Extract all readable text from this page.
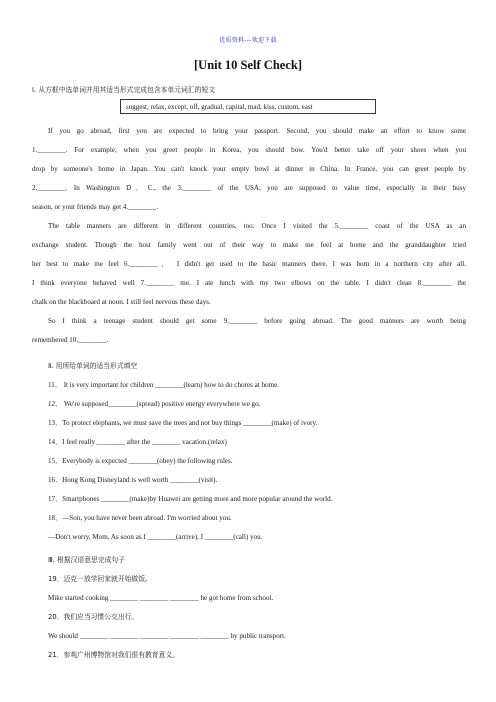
优质资料---欢迎下载
[Unit 10 Self Check]
Ⅰ. 从方框中选单词并用其适当形式完成包含本单元词汇的短文
suggest, relax, except, off, gradual, capital, mad, kiss, custom, east
If you go abroad, first you are expected to bring your passport. Second, you should make an effort to know some
1.________. For example, when you greet people in Korea, you should bow. You'd better take off your shoes when you
drop by someone's home in Japan. You can't knock your empty bowl at dinner in China. In France, you can greet people by
2.________. In Washington D．C., the 3.________ of the USA, you are supposed to value time, especially in their busy
season, or your friends may get 4.________.
The table manners are different in different countries, too. Once I visited the 5.________ coast of the USA as an
exchange student. Though the host family went out of their way to make me feel at home and the granddaughter tried
her best to make me feel 6.________， I didn't get used to the basic manners there. I was born in a northern city after all.
I think everyone behaved well 7.________ me. I ate lunch with my two elbows on the table. I didn't clean 8.________ the
chalk on the blackboard at noon. I still feel nervous these days.
So I think a teenage student should get some 9.________ before going abroad. The good manners are worth being
remembered 10.________.
Ⅱ. 用所给单词的适当形式填空
11． It is very important for children ________(learn) how to do chores at home.
12． We're supposed________(spread) positive energy everywhere we go.
13．To protect elephants, we must save the trees and not buy things ________(make) of ivory.
14．I feel really ________ after the ________ vacation.(relax)
15．Everybody is expected ________(obey) the following rules.
16．Hong Kong Disneyland is well worth ________(visit).
17．Smartphones ________(make)by Huawei are getting more and more popular around the world.
18．—Son, you have never been abroad. I'm worried about you.
—Don't worry, Mom. As soon as I ________(arrive), I ________(call) you.
Ⅲ. 根据汉语意思完成句子
19．迈克一放学回家就开始做饭。
Mike started cooking ________ ________ ________ he got home from school.
20．我们应当习惯公交出行。
We should ________ ________ ________ ________ ________ by public transport.
21．参观广州博物馆对我们很有教育意义。
